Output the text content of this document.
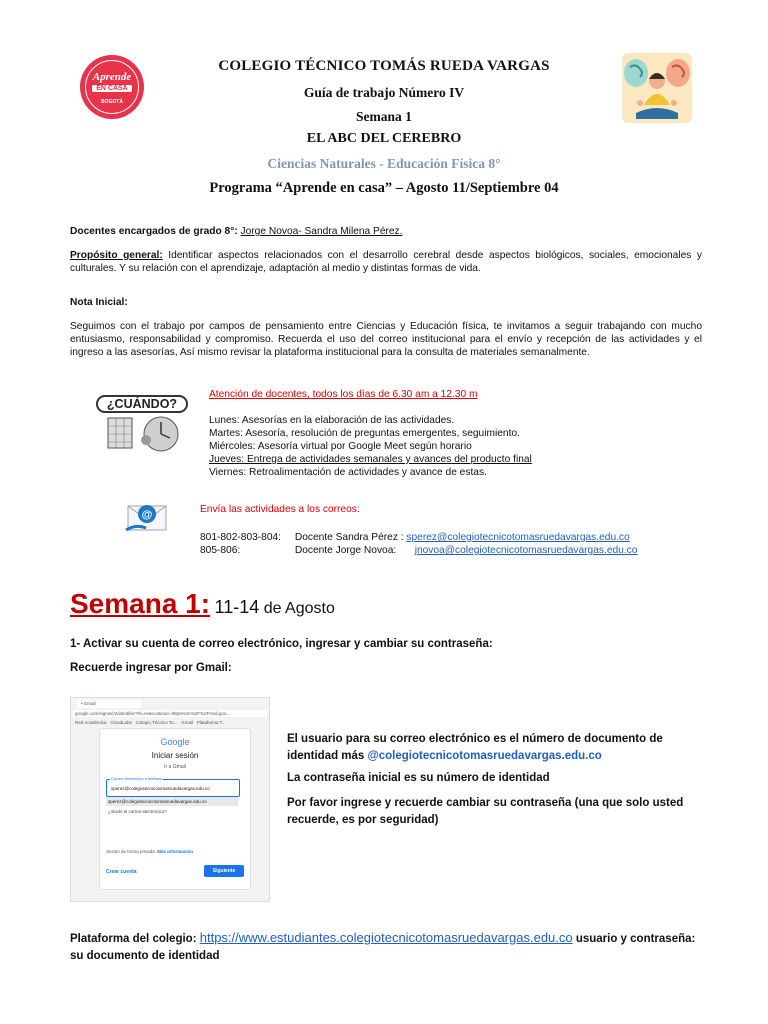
Aprende
EN CASA
BOGOTÁ
COLEGIO TÉCNICO TOMÁS RUEDA VARGAS
Guía de trabajo Número IV
Semana 1
EL ABC DEL CEREBRO
Ciencias Naturales - Educación Física 8°
Programa “Aprende en casa” – Agosto 11/Septiembre 04
Docentes encargados de grado 8°: Jorge Novoa- Sandra Milena Pérez.
Propósito general: Identificar aspectos relacionados con el desarrollo cerebral desde aspectos biológicos, sociales, emocionales y culturales. Y su relación con el aprendizaje, adaptación al medio y distintas formas de vida.
Nota Inicial:
Seguimos con el trabajo por campos de pensamiento entre Ciencias y Educación física, te invitamos a seguir trabajando con mucho entusiasmo, responsabilidad y compromiso. Recuerda el uso del correo institucional para el envío y recepción de las actividades y el ingreso a las asesorías, Así mismo revisar la plataforma institucional para la consulta de materiales semanalmente.
¿CUÁNDO?
Atención de docentes, todos los días de 6.30 am a 12.30 m
Lunes: Asesorías en la elaboración de las actividades.
Martes: Asesoría, resolución de preguntas emergentes, seguimiento.
Miércoles: Asesoría virtual por Google Meet según horario
Jueves: Entrega de actividades semanales y avances del producto final
Viernes: Retroalimentación de actividades y avance de estas.
@	Envía las actividades a los correos:
801-802-803-804: Docente Sandra Pérez : sperez@colegiotecnicotomasruedavargas.edu.co
805-806:	Docente Jorge Novoa: jnovoa@colegiotecnicotomasruedavargas.edu.co
Semana 1: 11-14 de Agosto
1- Activar su cuenta de correo electrónico, ingresar y cambiar su contraseña:
Recuerde ingresar por Gmail:
▪ Gmail
google.com/signin/v2/identifier?hl=es&continue=https%3A%2F%2Fmail.goo...
Red Académica CloudLabs Colegio Técnico To... Gmail Plataforma T...
Google
Iniciar sesión
Ir a Gmail
Correo electrónico o teléfono
sperez@colegiotecnicotomasruedavargas.edu.co
sperez@colegiotecnicotomasruedavargas.edu.co
¿olvidó el correo electrónico?
Sesión de forma privada. Más información
Crear cuenta	Siguiente
El usuario para su correo electrónico es el número de documento de identidad más @colegiotecnicotomasruedavargas.edu.co
La contraseña inicial es su número de identidad
Por favor ingrese y recuerde cambiar su contraseña (una que solo usted recuerde, es por seguridad)
Plataforma del colegio: https://www.estudiantes.colegiotecnicotomasruedavargas.edu.co usuario y contraseña: su documento de identidad
